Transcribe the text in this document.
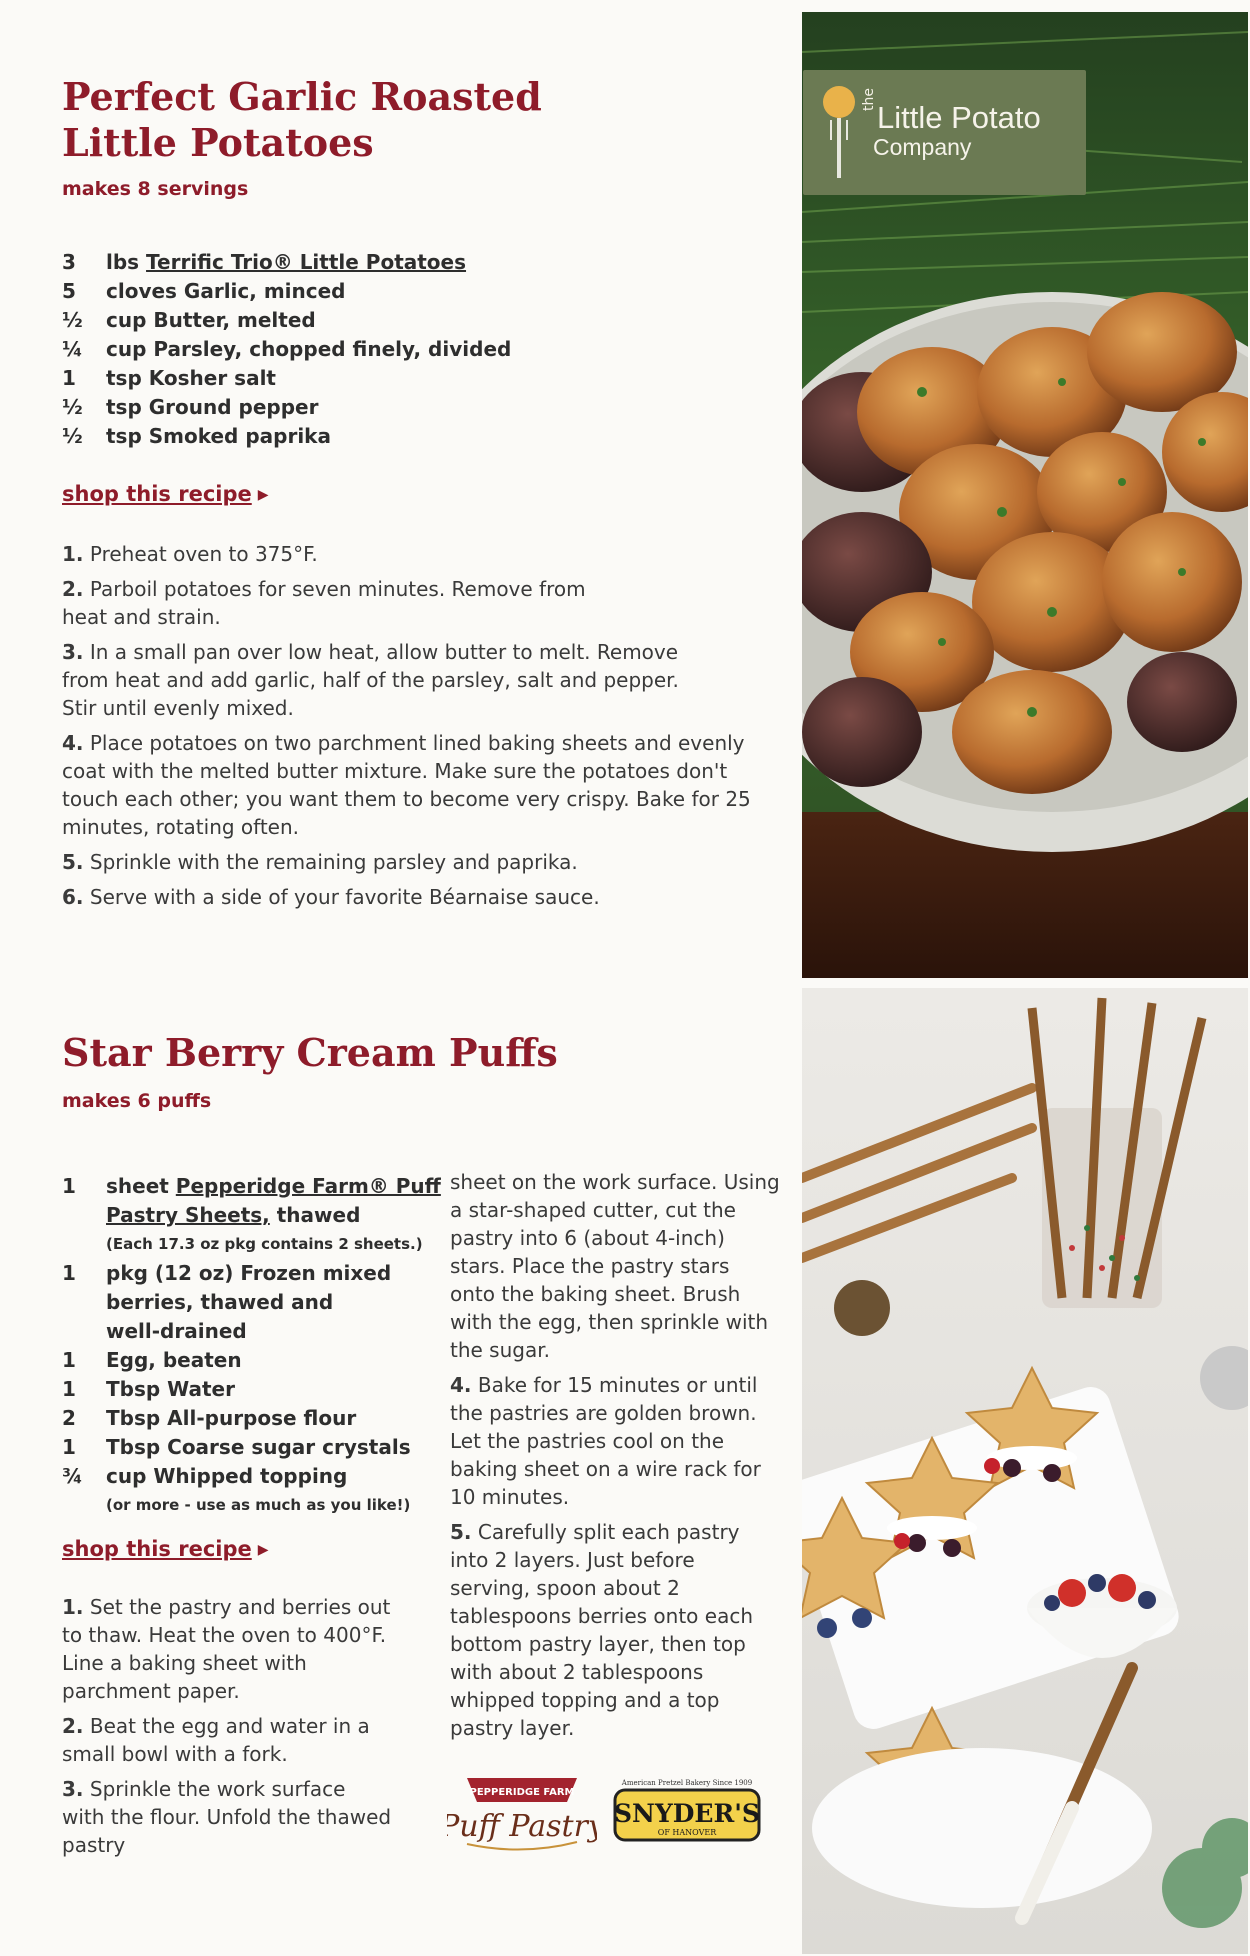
Perfect Garlic Roasted
Little Potatoes
makes 8 servings
3	lbs Terrific Trio® Little Potatoes
5	cloves Garlic, minced
½	cup Butter, melted
¼	cup Parsley, chopped finely, divided
1	tsp Kosher salt
½	tsp Ground pepper
½	tsp Smoked paprika
shop this recipe ▶

1. Preheat oven to 375°F.

2. Parboil potatoes for seven minutes. Remove from heat and strain.

3. In a small pan over low heat, allow butter to melt. Remove from heat and add garlic, half of the parsley, salt and pepper. Stir until evenly mixed.

4. Place potatoes on two parchment lined baking sheets and evenly coat with the melted butter mixture. Make sure the potatoes don't touch each other; you want them to become very crispy. Bake for 25 minutes, rotating often.

5. Sprinkle with the remaining parsley and paprika.

6. Serve with a side of your favorite Béarnaise sauce.

the
Little Potato
Company
Star Berry Cream Puffs
makes 6 puffs
1	sheet Pepperidge Farm® Puff
Pastry Sheets, thawed
(Each 17.3 oz pkg contains 2 sheets.)
1	pkg (12 oz) Frozen mixed
berries, thawed and
well-drained
1	Egg, beaten
1	Tbsp Water
2	Tbsp All-purpose flour
1	Tbsp Coarse sugar crystals
¾	cup Whipped topping
(or more - use as much as you like!)
shop this recipe ▶

1. Set the pastry and berries out to thaw. Heat the oven to 400°F. Line a baking sheet with parchment paper.

2. Beat the egg and water in a small bowl with a fork.

3. Sprinkle the work surface with the flour. Unfold the thawed pastry

sheet on the work surface. Using a star-shaped cutter, cut the pastry into 6 (about 4-inch) stars. Place the pastry stars onto the baking sheet. Brush with the egg, then sprinkle with the sugar.

4. Bake for 15 minutes or until the pastries are golden brown. Let the pastries cool on the baking sheet on a wire rack for 10 minutes.

5. Carefully split each pastry into 2 layers. Just before serving, spoon about 2 tablespoons berries onto each bottom pastry layer, then top with about 2 tablespoons whipped topping and a top pastry layer.

PEPPERIDGE FARM
Puff Pastry
American Pretzel Bakery Since 1909
SNYDER'S
OF HANOVER
